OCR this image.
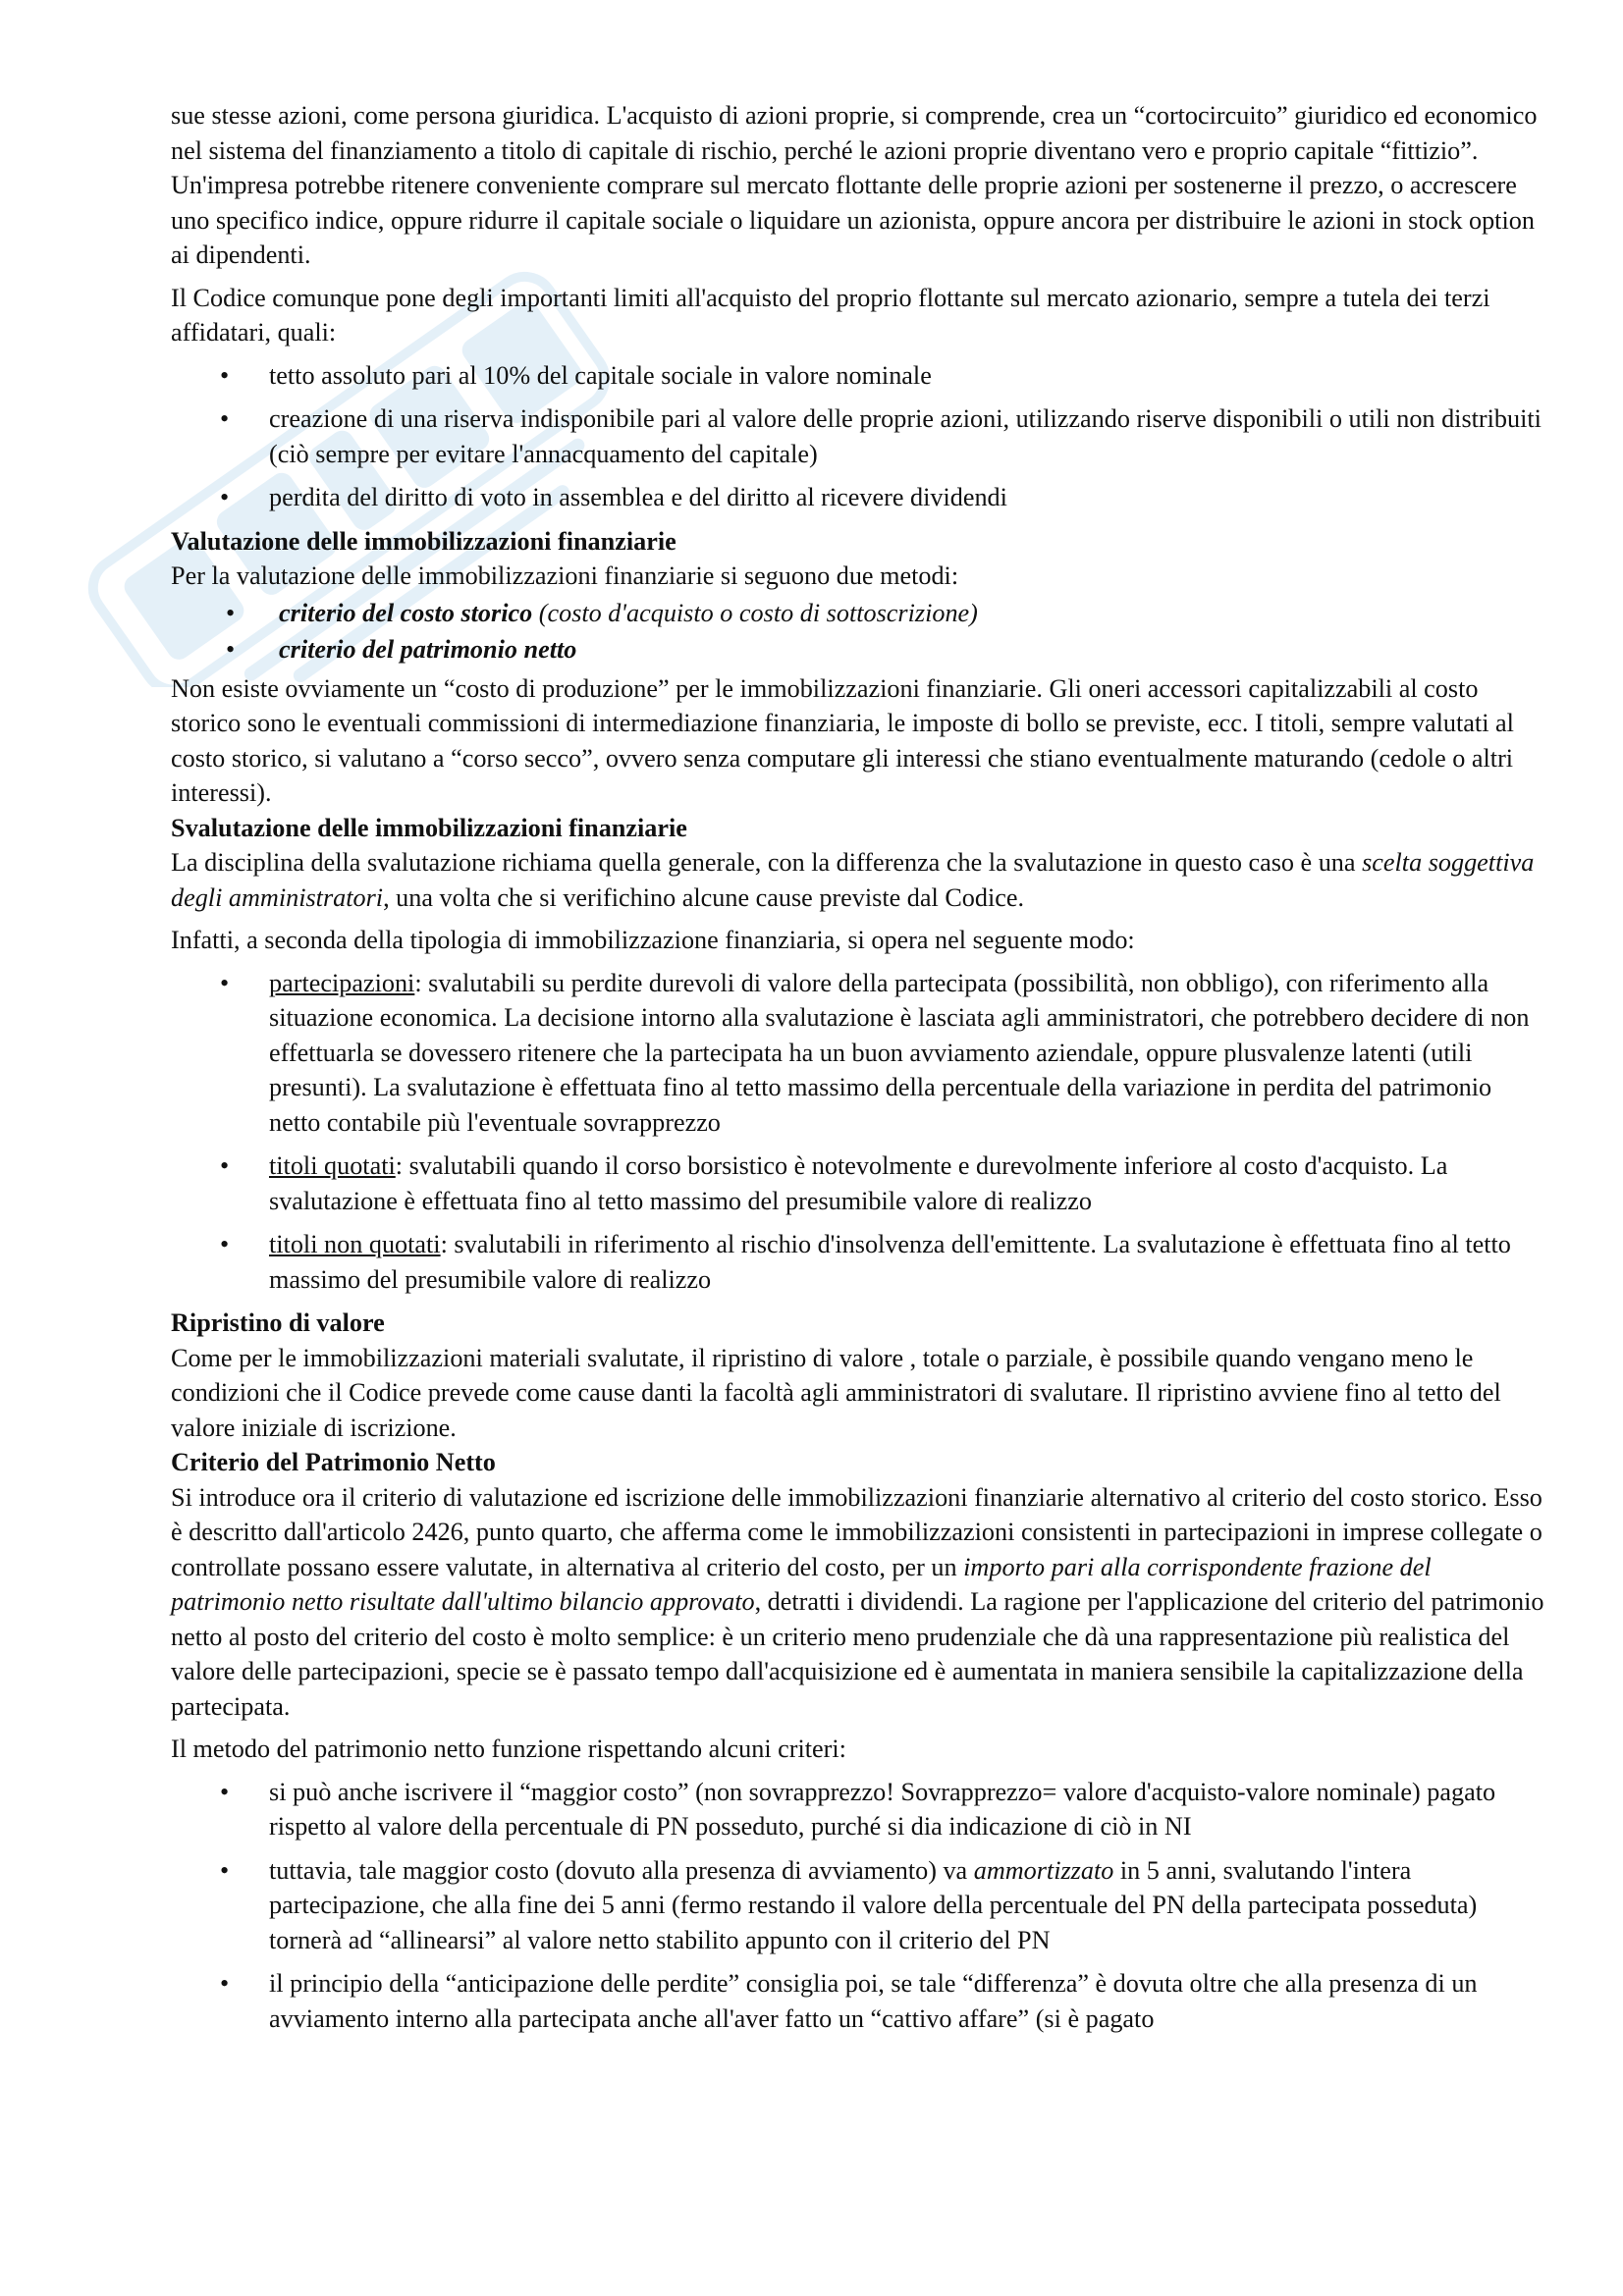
sue stesse azioni, come persona giuridica. L'acquisto di azioni proprie, si comprende, crea un “cortocircuito” giuridico ed economico nel sistema del finanziamento a titolo di capitale di rischio, perché le azioni proprie diventano vero e proprio capitale “fittizio”. Un'impresa potrebbe ritenere conveniente comprare sul mercato flottante delle proprie azioni per sostenerne il prezzo, o accrescere uno specifico indice, oppure ridurre il capitale sociale o liquidare un azionista, oppure ancora per distribuire le azioni in stock option ai dipendenti.

Il Codice comunque pone degli importanti limiti all'acquisto del proprio flottante sul mercato azionario, sempre a tutela dei terzi affidatari, quali:

• tetto assoluto pari al 10% del capitale sociale in valore nominale
• creazione di una riserva indisponibile pari al valore delle proprie azioni, utilizzando riserve disponibili o utili non distribuiti (ciò sempre per evitare l'annacquamento del capitale)
• perdita del diritto di voto in assemblea e del diritto al ricevere dividendi
Valutazione delle immobilizzazioni finanziarie

Per la valutazione delle immobilizzazioni finanziarie si seguono due metodi:

• criterio del costo storico (costo d'acquisto o costo di sottoscrizione)
• criterio del patrimonio netto

Non esiste ovviamente un “costo di produzione” per le immobilizzazioni finanziarie. Gli oneri accessori capitalizzabili al costo storico sono le eventuali commissioni di intermediazione finanziaria, le imposte di bollo se previste, ecc. I titoli, sempre valutati al costo storico, si valutano a “corso secco”, ovvero senza computare gli interessi che stiano eventualmente maturando (cedole o altri interessi).

Svalutazione delle immobilizzazioni finanziarie

La disciplina della svalutazione richiama quella generale, con la differenza che la svalutazione in questo caso è una scelta soggettiva degli amministratori, una volta che si verifichino alcune cause previste dal Codice.

Infatti, a seconda della tipologia di immobilizzazione finanziaria, si opera nel seguente modo:

• partecipazioni: svalutabili su perdite durevoli di valore della partecipata (possibilità, non obbligo), con riferimento alla situazione economica. La decisione intorno alla svalutazione è lasciata agli amministratori, che potrebbero decidere di non effettuarla se dovessero ritenere che la partecipata ha un buon avviamento aziendale, oppure plusvalenze latenti (utili presunti). La svalutazione è effettuata fino al tetto massimo della percentuale della variazione in perdita del patrimonio netto contabile più l'eventuale sovrapprezzo
• titoli quotati: svalutabili quando il corso borsistico è notevolmente e durevolmente inferiore al costo d'acquisto. La svalutazione è effettuata fino al tetto massimo del presumibile valore di realizzo
• titoli non quotati: svalutabili in riferimento al rischio d'insolvenza dell'emittente. La svalutazione è effettuata fino al tetto massimo del presumibile valore di realizzo
Ripristino di valore

Come per le immobilizzazioni materiali svalutate, il ripristino di valore , totale o parziale, è possibile quando vengano meno le condizioni che il Codice prevede come cause danti la facoltà agli amministratori di svalutare. Il ripristino avviene fino al tetto del valore iniziale di iscrizione.

Criterio del Patrimonio Netto

Si introduce ora il criterio di valutazione ed iscrizione delle immobilizzazioni finanziarie alternativo al criterio del costo storico. Esso è descritto dall'articolo 2426, punto quarto, che afferma come le immobilizzazioni consistenti in partecipazioni in imprese collegate o controllate possano essere valutate, in alternativa al criterio del costo, per un importo pari alla corrispondente frazione del patrimonio netto risultate dall'ultimo bilancio approvato, detratti i dividendi. La ragione per l'applicazione del criterio del patrimonio netto al posto del criterio del costo è molto semplice: è un criterio meno prudenziale che dà una rappresentazione più realistica del valore delle partecipazioni, specie se è passato tempo dall'acquisizione ed è aumentata in maniera sensibile la capitalizzazione della partecipata.

Il metodo del patrimonio netto funzione rispettando alcuni criteri:

• si può anche iscrivere il “maggior costo” (non sovrapprezzo! Sovrapprezzo= valore d'acquisto-valore nominale) pagato rispetto al valore della percentuale di PN posseduto, purché si dia indicazione di ciò in NI
• tuttavia, tale maggior costo (dovuto alla presenza di avviamento) va ammortizzato in 5 anni, svalutando l'intera partecipazione, che alla fine dei 5 anni (fermo restando il valore della percentuale del PN della partecipata posseduta) tornerà ad “allinearsi” al valore netto stabilito appunto con il criterio del PN
• il principio della “anticipazione delle perdite” consiglia poi, se tale “differenza” è dovuta oltre che alla presenza di un avviamento interno alla partecipata anche all'aver fatto un “cattivo affare” (si è pagato
